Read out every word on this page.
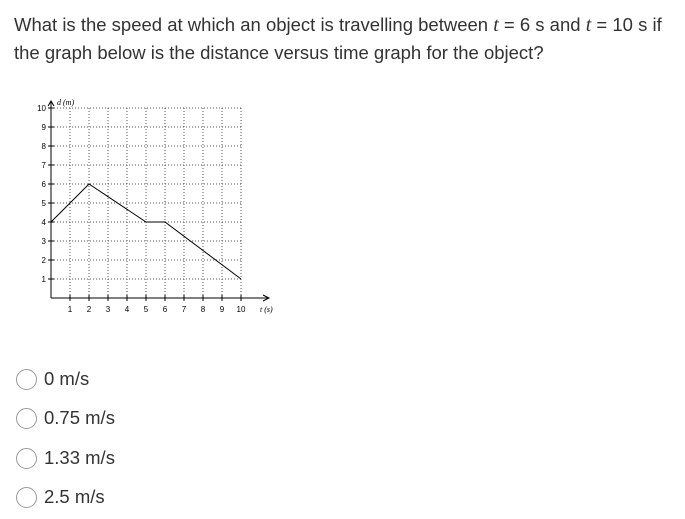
What is the speed at which an object is travelling between t = 6 s and t = 10 s if the graph below is the distance versus time graph for the object?

1
2
3
4
5
6
7
8
9
10
1 2 3 4 5 6 7 8 9 10
d (m)
t (s)
0 m/s
0.75 m/s
1.33 m/s
2.5 m/s
